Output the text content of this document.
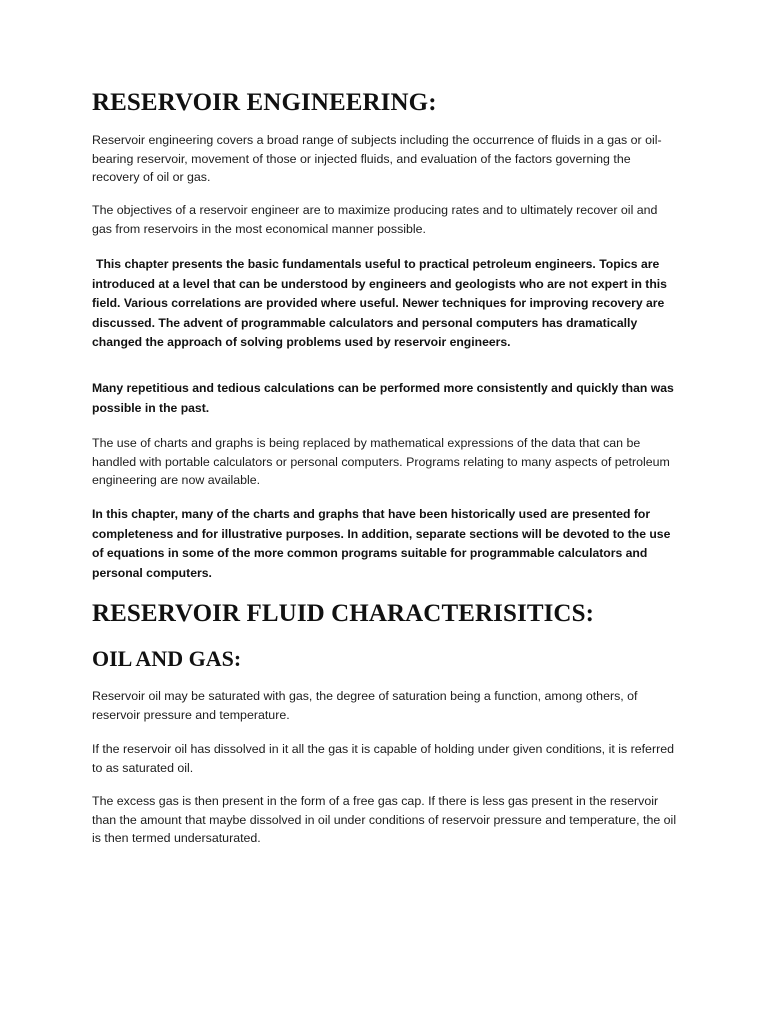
RESERVOIR ENGINEERING:

Reservoir engineering covers a broad range of subjects including the occurrence of fluids in a gas or oil-bearing reservoir, movement of those or injected fluids, and evaluation of the factors governing the recovery of oil or gas.

The objectives of a reservoir engineer are to maximize producing rates and to ultimately recover oil and gas from reservoirs in the most economical manner possible.

This chapter presents the basic fundamentals useful to practical petroleum engineers. Topics are introduced at a level that can be understood by engineers and geologists who are not expert in this field. Various correlations are provided where useful. Newer techniques for improving recovery are discussed. The advent of programmable calculators and personal computers has dramatically changed the approach of solving problems used by reservoir engineers.

Many repetitious and tedious calculations can be performed more consistently and quickly than was possible in the past.

The use of charts and graphs is being replaced by mathematical expressions of the data that can be handled with portable calculators or personal computers. Programs relating to many aspects of petroleum engineering are now available.

In this chapter, many of the charts and graphs that have been historically used are presented for completeness and for illustrative purposes. In addition, separate sections will be devoted to the use of equations in some of the more common programs suitable for programmable calculators and personal computers.

RESERVOIR FLUID CHARACTERISITICS:
OIL AND GAS:

Reservoir oil may be saturated with gas, the degree of saturation being a function, among others, of reservoir pressure and temperature.

If the reservoir oil has dissolved in it all the gas it is capable of holding under given conditions, it is referred to as saturated oil.

The excess gas is then present in the form of a free gas cap. If there is less gas present in the reservoir than the amount that maybe dissolved in oil under conditions of reservoir pressure and temperature, the oil is then termed undersaturated.
